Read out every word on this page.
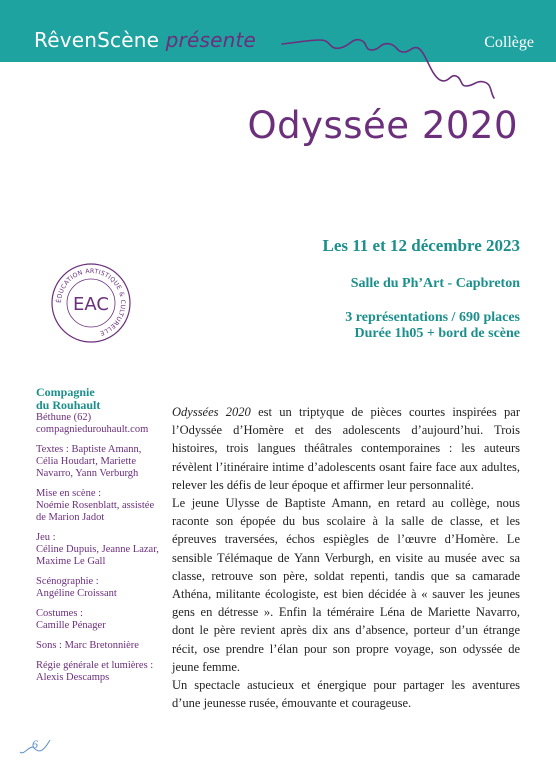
RêvenScène présente	Collège
Odyssée 2020
Les 11 et 12 décembre 2023
Salle du Ph’Art - Capbreton
3 représentations / 690 places
Durée 1h05 + bord de scène
ÉDUCATION ARTISTIQUE & CULTURELLE
EAC
Compagnie
du Rouhault
Béthune (62)
compagniedurouhault.com
Textes : Baptiste Amann, Célia Houdart, Mariette Navarro, Yann Verburgh
Mise en scène :
Noémie Rosenblatt, assistée de Marion Jadot
Jeu :
Céline Dupuis, Jeanne Lazar, Maxime Le Gall
Scénographie :
Angéline Croissant
Costumes :
Camille Pénager
Sons : Marc Bretonnière
Régie générale et lumières :
Alexis Descamps

Odyssées 2020 est un triptyque de pièces courtes inspirées par l’Odyssée d’Homère et des adolescents d’aujourd’hui. Trois histoires, trois langues théâtrales contemporaines : les auteurs révèlent l’itinéraire intime d’adolescents osant faire face aux adultes, relever les défis de leur époque et affirmer leur personnalité.

Le jeune Ulysse de Baptiste Amann, en retard au collège, nous raconte son épopée du bus scolaire à la salle de classe, et les épreuves traversées, échos espiègles de l’œuvre d’Homère. Le sensible Télémaque de Yann Verburgh, en visite au musée avec sa classe, retrouve son père, soldat repenti, tandis que sa camarade Athéna, militante écologiste, est bien décidée à « sauver les jeunes gens en détresse ». Enfin la téméraire Léna de Mariette Navarro, dont le père revient après dix ans d’absence, porteur d’un étrange récit, ose prendre l’élan pour son propre voyage, son odyssée de jeune femme.

Un spectacle astucieux et énergique pour partager les aventures d’une jeunesse rusée, émouvante et courageuse.

6
